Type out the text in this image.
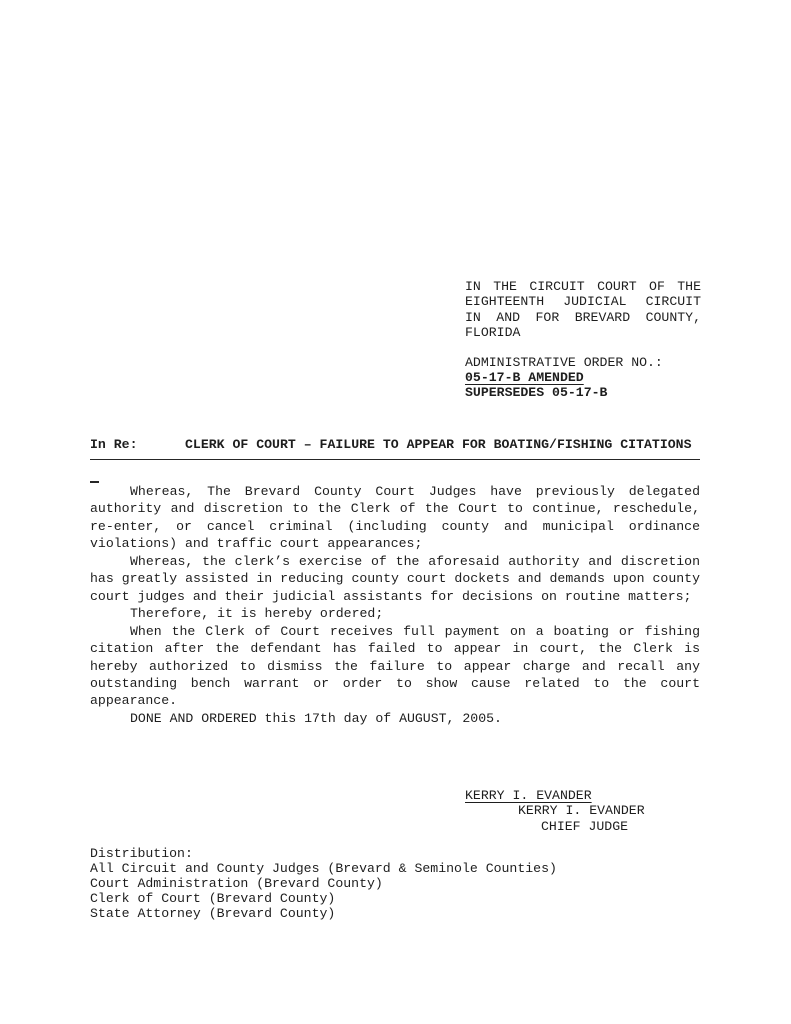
IN THE CIRCUIT COURT OF THE
EIGHTEENTH JUDICIAL CIRCUIT
IN AND FOR BREVARD COUNTY,
FLORIDA
ADMINISTRATIVE ORDER NO.:
05-17-B AMENDED
SUPERSEDES 05-17-B
In Re:	CLERK OF COURT – FAILURE TO APPEAR FOR BOATING/FISHING CITATIONS
Whereas, The Brevard County Court Judges have previously delegated
authority and discretion to the Clerk of the Court to continue, reschedule,
re-enter, or cancel criminal (including county and municipal ordinance
violations) and traffic court appearances;
Whereas, the clerk’s exercise of the aforesaid authority and discretion
has greatly assisted in reducing county court dockets and demands upon county
court judges and their judicial assistants for decisions on routine matters;
Therefore, it is hereby ordered;
When the Clerk of Court receives full payment on a boating or fishing
citation after the defendant has failed to appear in court, the Clerk is
hereby authorized to dismiss the failure to appear charge and recall any
outstanding bench warrant or order to show cause related to the court
appearance.
DONE AND ORDERED this 17th day of AUGUST, 2005.
KERRY I. EVANDER
KERRY I. EVANDER
CHIEF JUDGE
Distribution:
All Circuit and County Judges (Brevard & Seminole Counties)
Court Administration (Brevard County)
Clerk of Court (Brevard County)
State Attorney (Brevard County)
